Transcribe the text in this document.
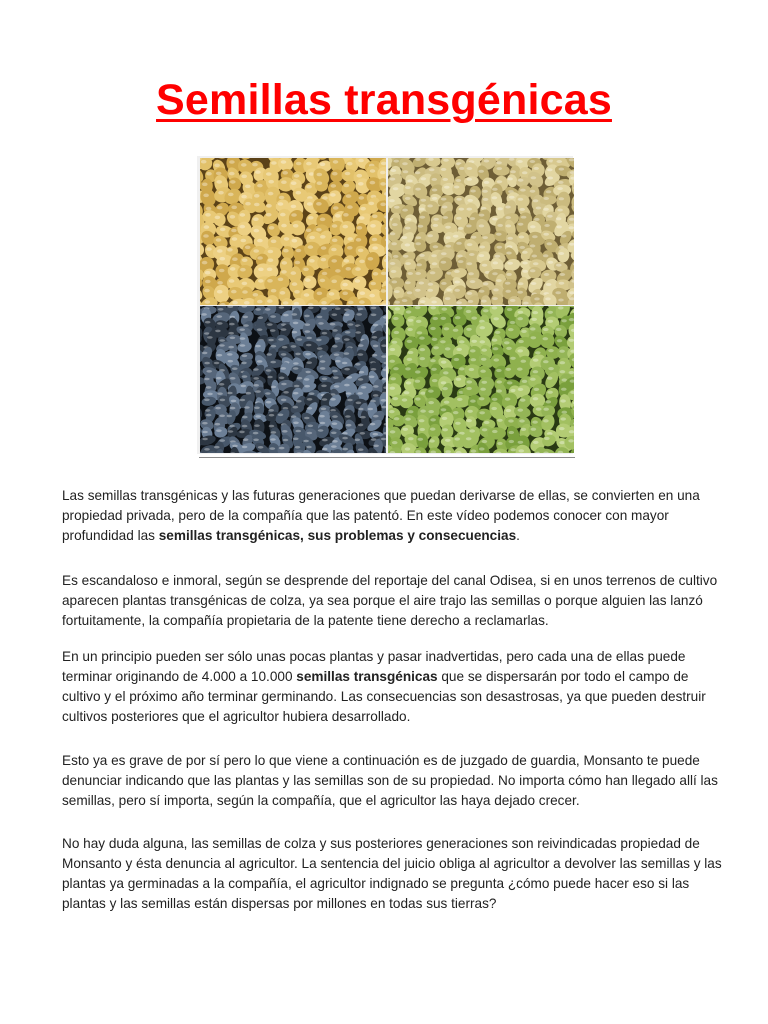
Semillas transgénicas

Las semillas transgénicas y las futuras generaciones que puedan derivarse de ellas, se convierten en una propiedad privada, pero de la compañía que las patentó. En este vídeo podemos conocer con mayor profundidad las semillas transgénicas, sus problemas y consecuencias.

Es escandaloso e inmoral, según se desprende del reportaje del canal Odisea, si en unos terrenos de cultivo aparecen plantas transgénicas de colza, ya sea porque el aire trajo las semillas o porque alguien las lanzó fortuitamente, la compañía propietaria de la patente tiene derecho a reclamarlas.

En un principio pueden ser sólo unas pocas plantas y pasar inadvertidas, pero cada una de ellas puede terminar originando de 4.000 a 10.000 semillas transgénicas que se dispersarán por todo el campo de cultivo y el próximo año terminar germinando. Las consecuencias son desastrosas, ya que pueden destruir cultivos posteriores que el agricultor hubiera desarrollado.

Esto ya es grave de por sí pero lo que viene a continuación es de juzgado de guardia, Monsanto te puede denunciar indicando que las plantas y las semillas son de su propiedad. No importa cómo han llegado allí las semillas, pero sí importa, según la compañía, que el agricultor las haya dejado crecer.

No hay duda alguna, las semillas de colza y sus posteriores generaciones son reivindicadas propiedad de Monsanto y ésta denuncia al agricultor. La sentencia del juicio obliga al agricultor a devolver las semillas y las plantas ya germinadas a la compañía, el agricultor indignado se pregunta ¿cómo puede hacer eso si las plantas y las semillas están dispersas por millones en todas sus tierras?
